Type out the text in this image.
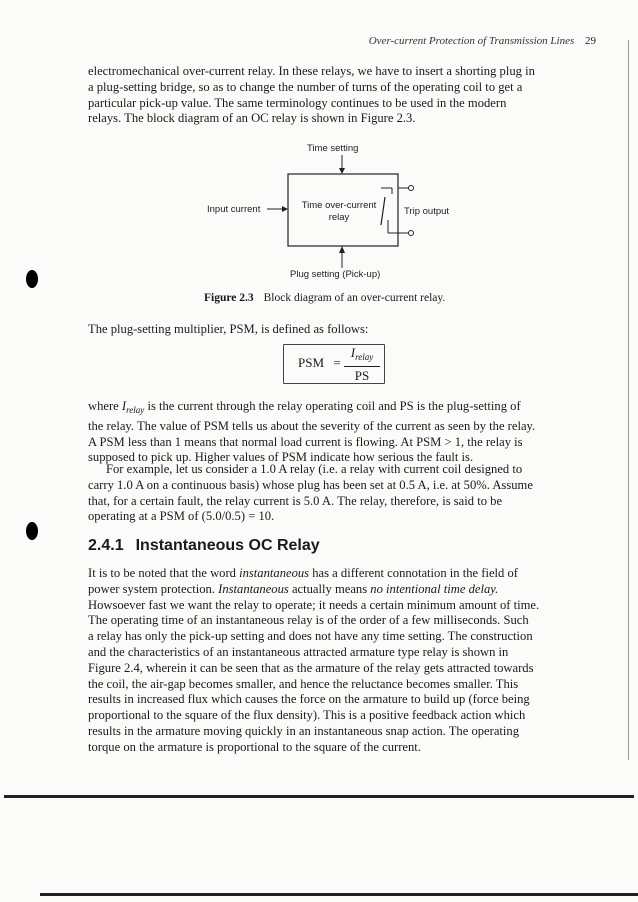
Over-current Protection of Transmission Lines 29
electromechanical over-current relay. In these relays, we have to insert a shorting plug in
a plug-setting bridge, so as to change the number of turns of the operating coil to get a
particular pick-up value. The same terminology continues to be used in the modern
relays. The block diagram of an OC relay is shown in Figure 2.3.
Time setting
Input current	Time over-current
relay
Trip output
Plug setting (Pick-up)
Figure 2.3 Block diagram of an over-current relay.
The plug-setting multiplier, PSM, is defined as follows:
PSM =
$I_{relay}$
PS
where $I_{relay}$ is the current through the relay operating coil and PS is the plug-setting of
the relay. The value of PSM tells us about the severity of the current as seen by the relay.
A PSM less than 1 means that normal load current is flowing. At PSM > 1, the relay is
supposed to pick up. Higher values of PSM indicate how serious the fault is.
For example, let us consider a 1.0 A relay (i.e. a relay with current coil designed to
carry 1.0 A on a continuous basis) whose plug has been set at 0.5 A, i.e. at 50%. Assume
that, for a certain fault, the relay current is 5.0 A. The relay, therefore, is said to be
operating at a PSM of (5.0/0.5) = 10.
2.4.1 Instantaneous OC Relay
It is to be noted that the word instantaneous has a different connotation in the field of
power system protection. Instantaneous actually means no intentional time delay.
Howsoever fast we want the relay to operate; it needs a certain minimum amount of time.
The operating time of an instantaneous relay is of the order of a few milliseconds. Such
a relay has only the pick-up setting and does not have any time setting. The construction
and the characteristics of an instantaneous attracted armature type relay is shown in
Figure 2.4, wherein it can be seen that as the armature of the relay gets attracted towards
the coil, the air-gap becomes smaller, and hence the reluctance becomes smaller. This
results in increased flux which causes the force on the armature to build up (force being
proportional to the square of the flux density). This is a positive feedback action which
results in the armature moving quickly in an instantaneous snap action. The operating
torque on the armature is proportional to the square of the current.
